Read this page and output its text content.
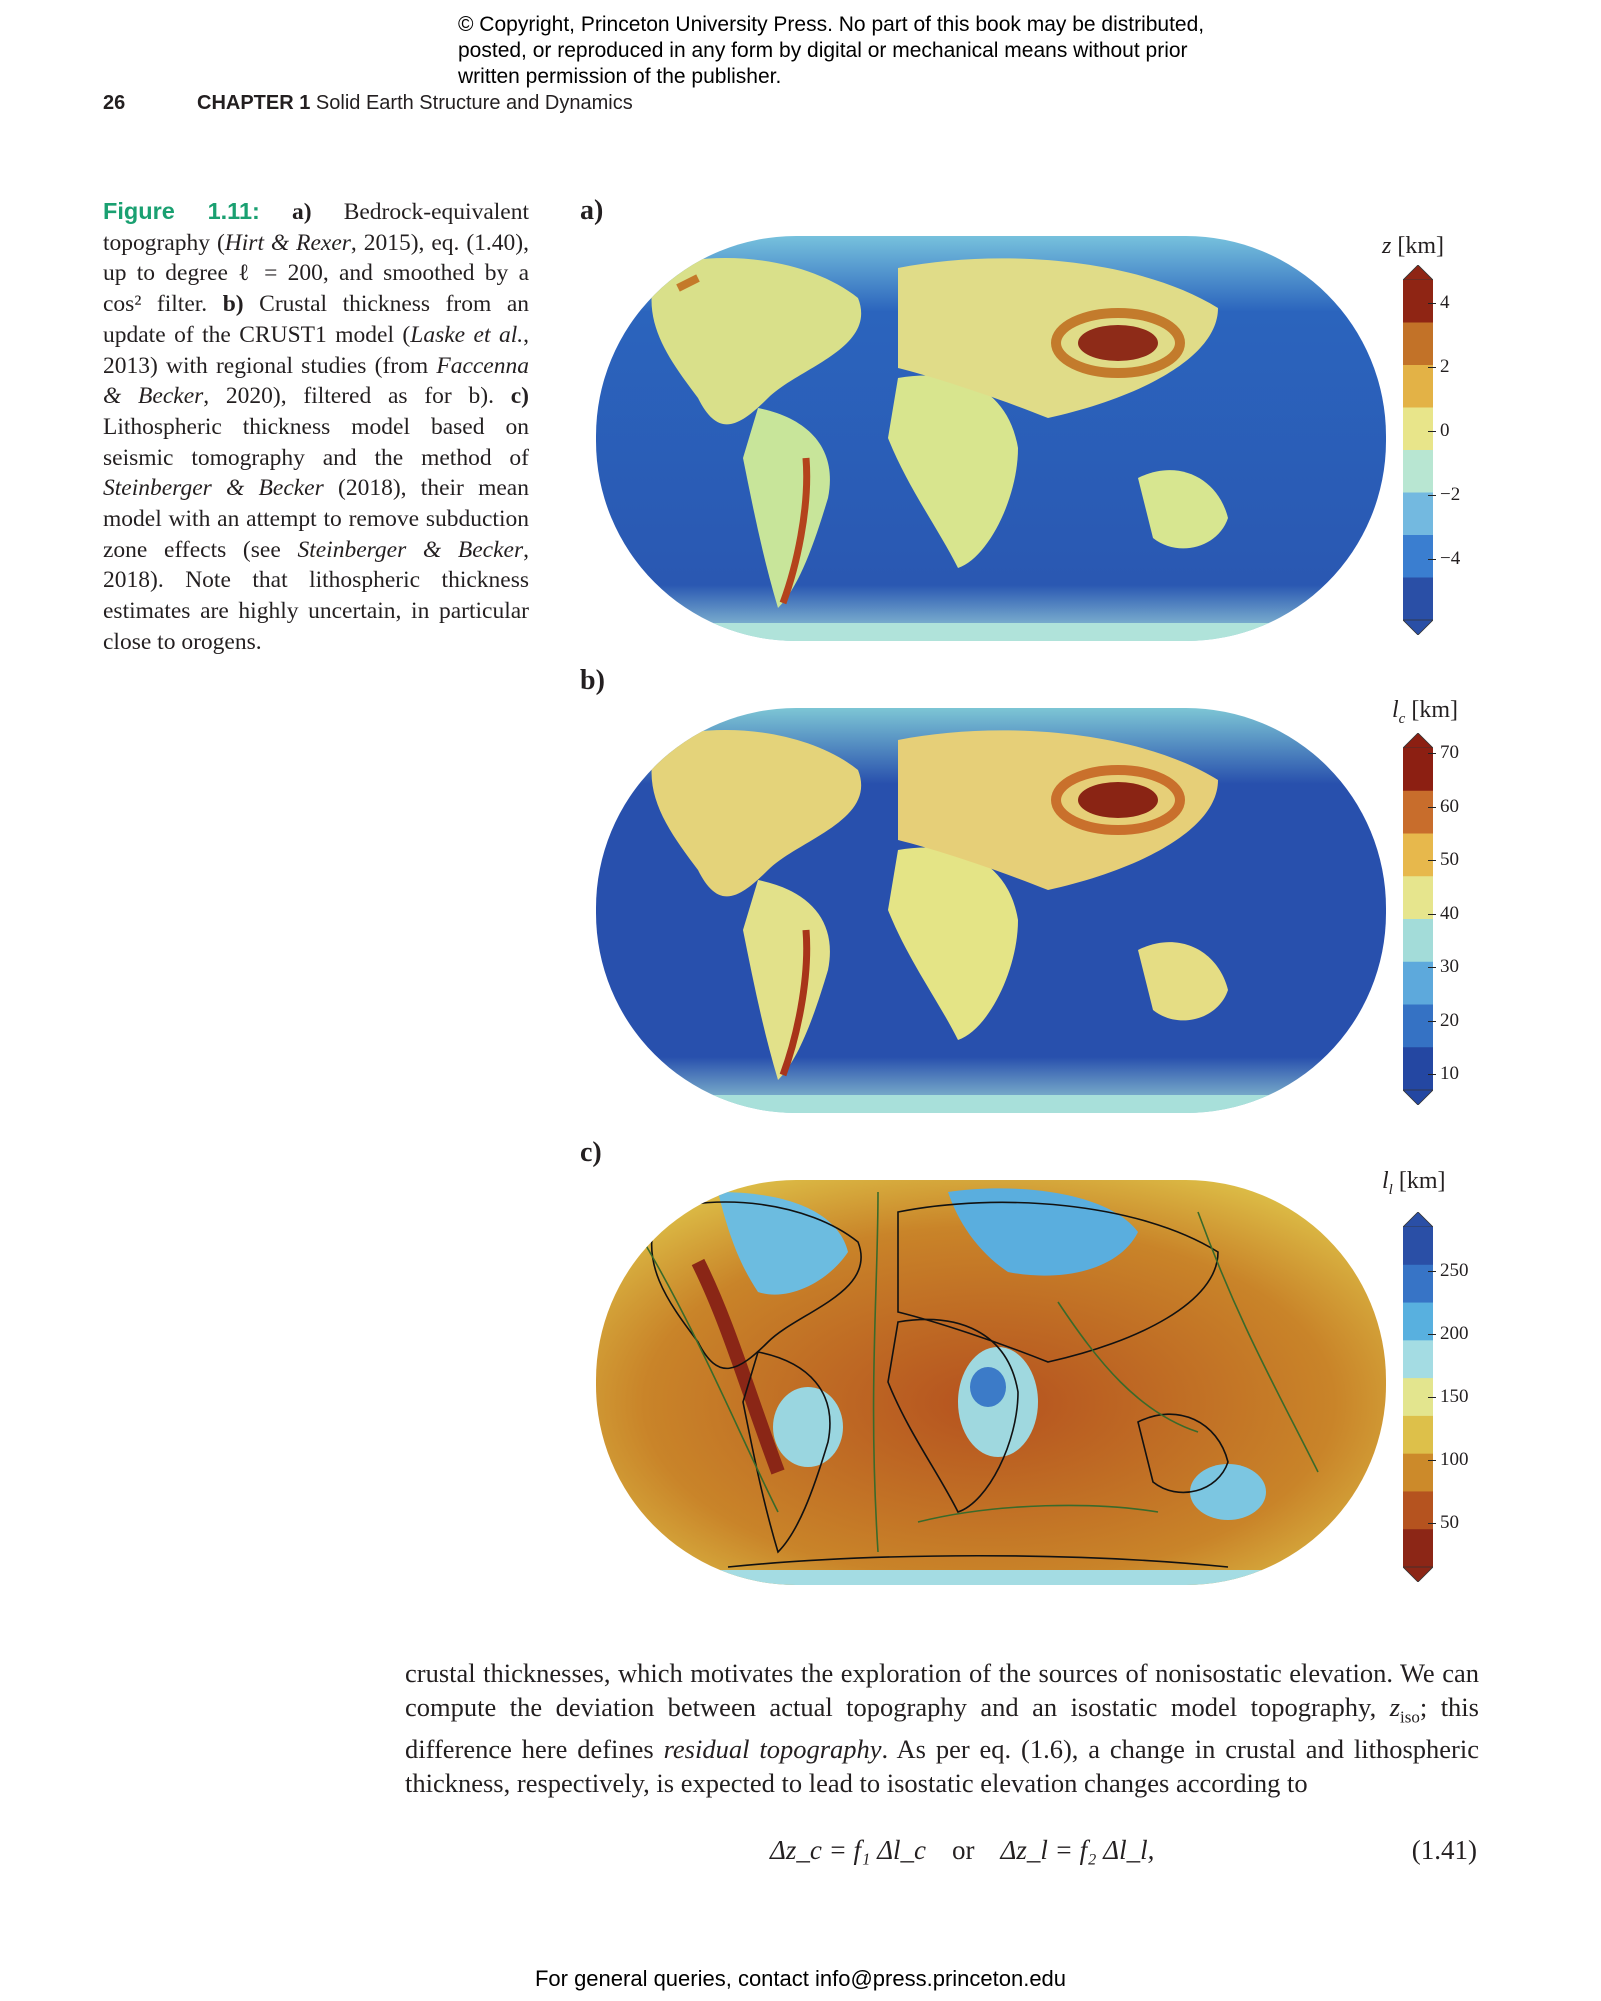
© Copyright, Princeton University Press. No part of this book may be distributed, posted, or reproduced in any form by digital or mechanical means without prior written permission of the publisher.
26	CHAPTER 1 Solid Earth Structure and Dynamics
Figure 1.11: a) Bedrock-equivalent topography (Hirt & Rexer, 2015), eq. (1.40), up to degree ℓ = 200, and smoothed by a cos² filter. b) Crustal thickness from an update of the CRUST1 model (Laske et al., 2013) with regional studies (from Faccenna & Becker, 2020), filtered as for b). c) Lithospheric thickness model based on seismic tomography and the method of Steinberger & Becker (2018), their mean model with an attempt to remove subduction zone effects (see Steinberger & Becker, 2018). Note that lithospheric thickness estimates are highly uncertain, in particular close to orogens.
a)
z [km]
4
2
0
−2
−4
b)
$l_c$ [km]
70
60
50
40
30
20
10
c)
$l_l$ [km]
250
200
150
100
50
crustal thicknesses, which motivates the exploration of the sources of nonisostatic elevation. We can compute the deviation between actual topography and an isostatic model topography, $z_{iso}$; this difference here defines residual topography. As per eq. (1.6), a change in crustal and lithospheric thickness, respectively, is expected to lead to isostatic elevation changes according to
Δz_c = f₁ Δl_c or Δz_l = f₂ Δl_l,	(1.41)
For general queries, contact info@press.princeton.edu
